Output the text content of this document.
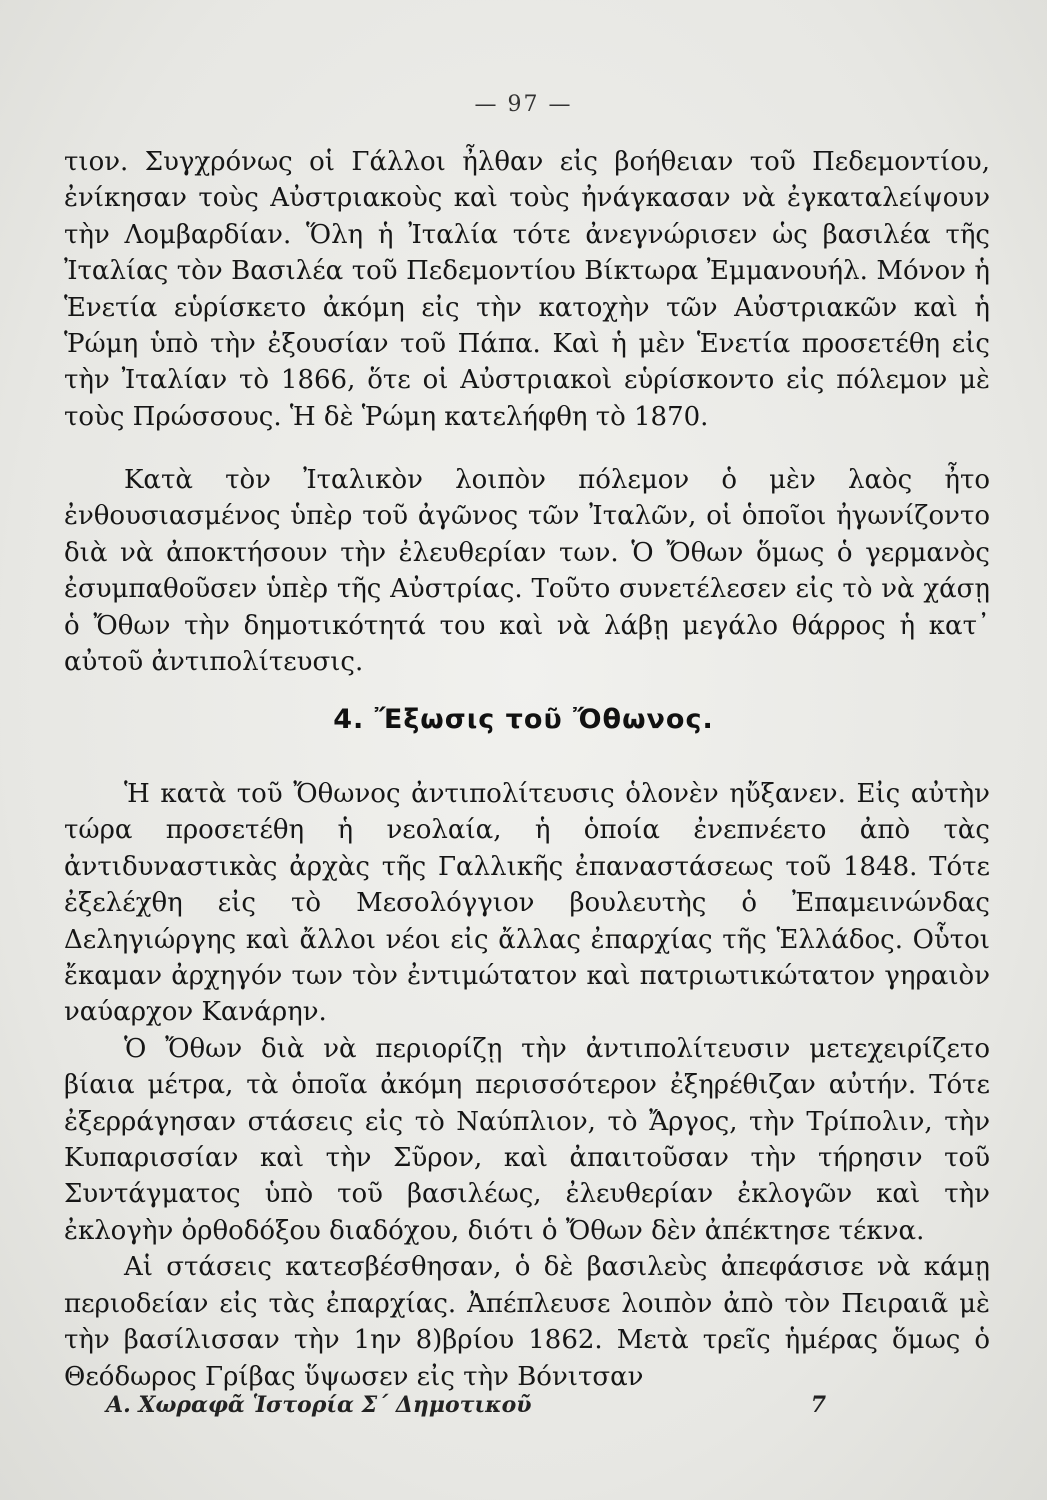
— 97 —

τιον. Συγχρόνως οἱ Γάλλοι ἦλθαν εἰς βοήθειαν τοῦ Πεδεμοντίου, ἐνίκησαν τοὺς Αὐστριακοὺς καὶ τοὺς ἠνάγκασαν νὰ ἐγκαταλείψουν τὴν Λομβαρδίαν. Ὅλη ἡ Ἰταλία τότε ἀνεγνώρισεν ὡς βασιλέα τῆς Ἰταλίας τὸν Βασιλέα τοῦ Πεδεμοντίου Βίκτωρα Ἐμμανουήλ. Μόνον ἡ Ἑνετία εὑρίσκετο ἀκόμη εἰς τὴν κατοχὴν τῶν Αὐστριακῶν καὶ ἡ Ῥώμη ὑπὸ τὴν ἐξουσίαν τοῦ Πάπα. Καὶ ἡ μὲν Ἑνετία προσετέθη εἰς τὴν Ἰταλίαν τὸ 1866, ὅτε οἱ Αὐστριακοὶ εὑρίσκοντο εἰς πόλεμον μὲ τοὺς Πρώσσους. Ἡ δὲ Ῥώμη κατελήφθη τὸ 1870.

Κατὰ τὸν Ἰταλικὸν λοιπὸν πόλεμον ὁ μὲν λαὸς ἦτο ἐνθουσιασμένος ὑπὲρ τοῦ ἀγῶνος τῶν Ἰταλῶν, οἱ ὁποῖοι ἠγωνίζοντο διὰ νὰ ἀποκτήσουν τὴν ἐλευθερίαν των. Ὁ Ὄθων ὅμως ὁ γερμανὸς ἐσυμπαθοῦσεν ὑπὲρ τῆς Αὐστρίας. Τοῦτο συνετέλεσεν εἰς τὸ νὰ χάσῃ ὁ Ὄθων τὴν δημοτικότητά του καὶ νὰ λάβῃ μεγάλο θάρρος ἡ κατ᾽ αὐτοῦ ἀντιπολίτευσις.

4. Ἔξωσις τοῦ Ὄθωνος.

Ἡ κατὰ τοῦ Ὄθωνος ἀντιπολίτευσις ὁλονὲν ηὔξανεν. Εἰς αὐτὴν τώρα προσετέθη ἡ νεολαία, ἡ ὁποία ἐνεπνέετο ἀπὸ τὰς ἀντιδυναστικὰς ἀρχὰς τῆς Γαλλικῆς ἐπαναστάσεως τοῦ 1848. Τότε ἐξελέχθη εἰς τὸ Μεσολόγγιον βουλευτὴς ὁ Ἐπαμεινώνδας Δεληγιώργης καὶ ἄλλοι νέοι εἰς ἄλλας ἐπαρχίας τῆς Ἑλλάδος. Οὗτοι ἔκαμαν ἀρχηγόν των τὸν ἐντιμώτατον καὶ πατριωτικώτατον γηραιὸν ναύαρχον Κανάρην.

Ὁ Ὄθων διὰ νὰ περιορίζῃ τὴν ἀντιπολίτευσιν μετεχειρίζετο βίαια μέτρα, τὰ ὁποῖα ἀκόμη περισσότερον ἐξηρέθιζαν αὐτήν. Τότε ἐξερράγησαν στάσεις εἰς τὸ Ναύπλιον, τὸ Ἄργος, τὴν Τρίπολιν, τὴν Κυπαρισσίαν καὶ τὴν Σῦρον, καὶ ἀπαιτοῦσαν τὴν τήρησιν τοῦ Συντάγματος ὑπὸ τοῦ βασιλέως, ἐλευθερίαν ἐκλογῶν καὶ τὴν ἐκλογὴν ὀρθοδόξου διαδόχου, διότι ὁ Ὄθων δὲν ἀπέκτησε τέκνα.

Αἱ στάσεις κατεσβέσθησαν, ὁ δὲ βασιλεὺς ἀπεφάσισε νὰ κάμῃ περιοδείαν εἰς τὰς ἐπαρχίας. Ἀπέπλευσε λοιπὸν ἀπὸ τὸν Πειραιᾶ μὲ τὴν βασίλισσαν τὴν 1ην 8)βρίου 1862. Μετὰ τρεῖς ἡμέρας ὅμως ὁ Θεόδωρος Γρίβας ὕψωσεν εἰς τὴν Βόνιτσαν

Α. Χωραφᾶ Ἱστορία Σ΄ Δημοτικοῦ	7
